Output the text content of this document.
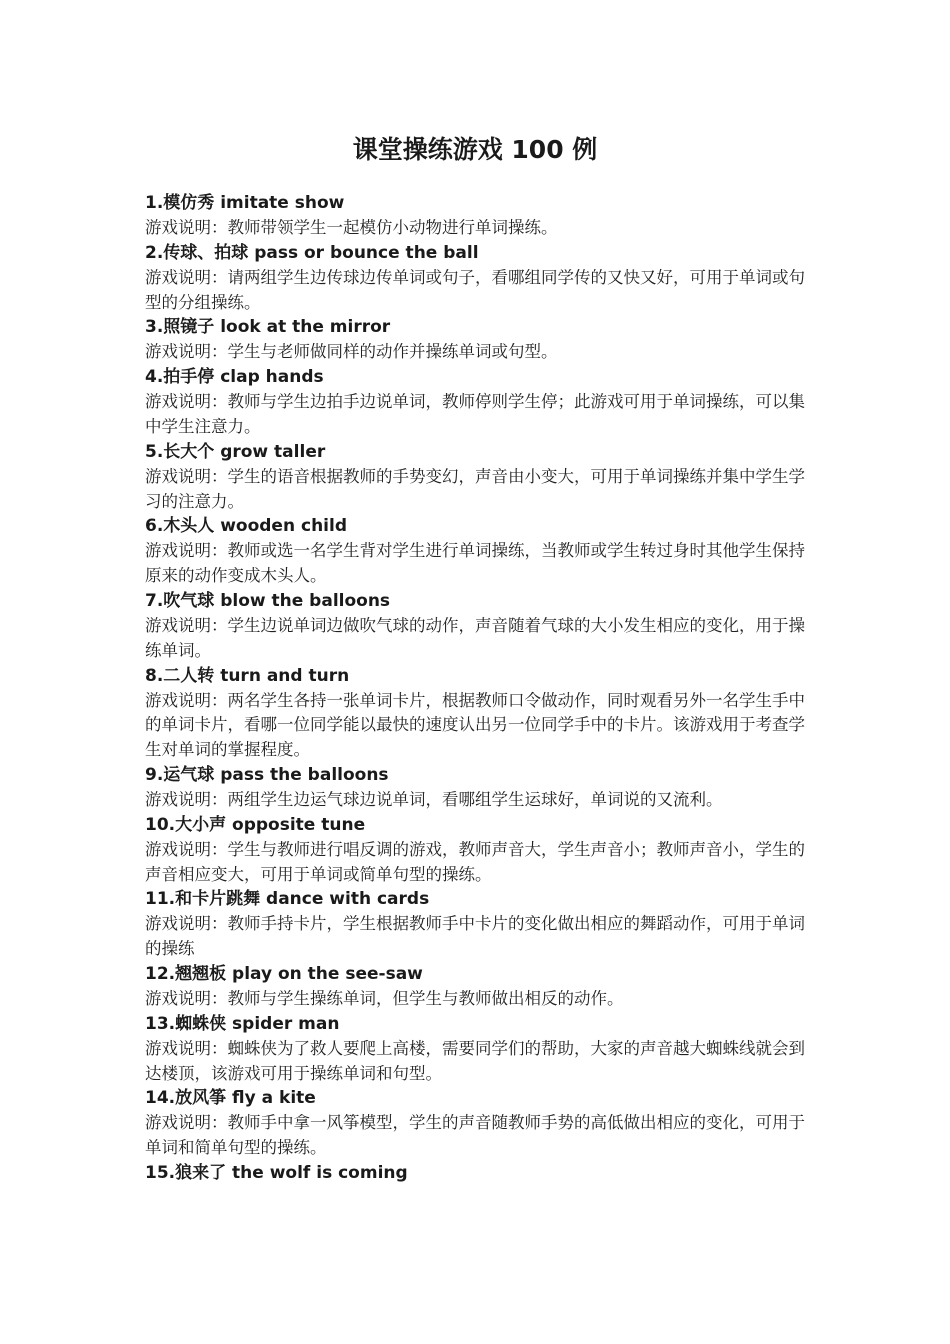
课堂操练游戏 100 例
1.模仿秀 imitate show
游戏说明：教师带领学生一起模仿小动物进行单词操练。
2.传球、拍球 pass or bounce the ball
游戏说明：请两组学生边传球边传单词或句子，看哪组同学传的又快又好，可用于单词或句型的分组操练。
3.照镜子 look at the mirror
游戏说明：学生与老师做同样的动作并操练单词或句型。
4.拍手停 clap hands
游戏说明：教师与学生边拍手边说单词，教师停则学生停；此游戏可用于单词操练，可以集中学生注意力。
5.长大个 grow taller
游戏说明：学生的语音根据教师的手势变幻，声音由小变大，可用于单词操练并集中学生学习的注意力。
6.木头人 wooden child
游戏说明：教师或选一名学生背对学生进行单词操练，当教师或学生转过身时其他学生保持原来的动作变成木头人。
7.吹气球 blow the balloons
游戏说明：学生边说单词边做吹气球的动作，声音随着气球的大小发生相应的变化，用于操练单词。
8.二人转 turn and turn
游戏说明：两名学生各持一张单词卡片，根据教师口令做动作，同时观看另外一名学生手中的单词卡片，看哪一位同学能以最快的速度认出另一位同学手中的卡片。该游戏用于考查学生对单词的掌握程度。
9.运气球 pass the balloons
游戏说明：两组学生边运气球边说单词，看哪组学生运球好，单词说的又流利。
10.大小声 opposite tune
游戏说明：学生与教师进行唱反调的游戏，教师声音大，学生声音小；教师声音小，学生的声音相应变大，可用于单词或简单句型的操练。
11.和卡片跳舞 dance with cards
游戏说明：教师手持卡片，学生根据教师手中卡片的变化做出相应的舞蹈动作，可用于单词的操练
12.翘翘板 play on the see-saw
游戏说明：教师与学生操练单词，但学生与教师做出相反的动作。
13.蜘蛛侠 spider man
游戏说明：蜘蛛侠为了救人要爬上高楼，需要同学们的帮助，大家的声音越大蜘蛛线就会到达楼顶，该游戏可用于操练单词和句型。
14.放风筝 fly a kite
游戏说明：教师手中拿一风筝模型，学生的声音随教师手势的高低做出相应的变化，可用于单词和简单句型的操练。
15.狼来了 the wolf is coming
